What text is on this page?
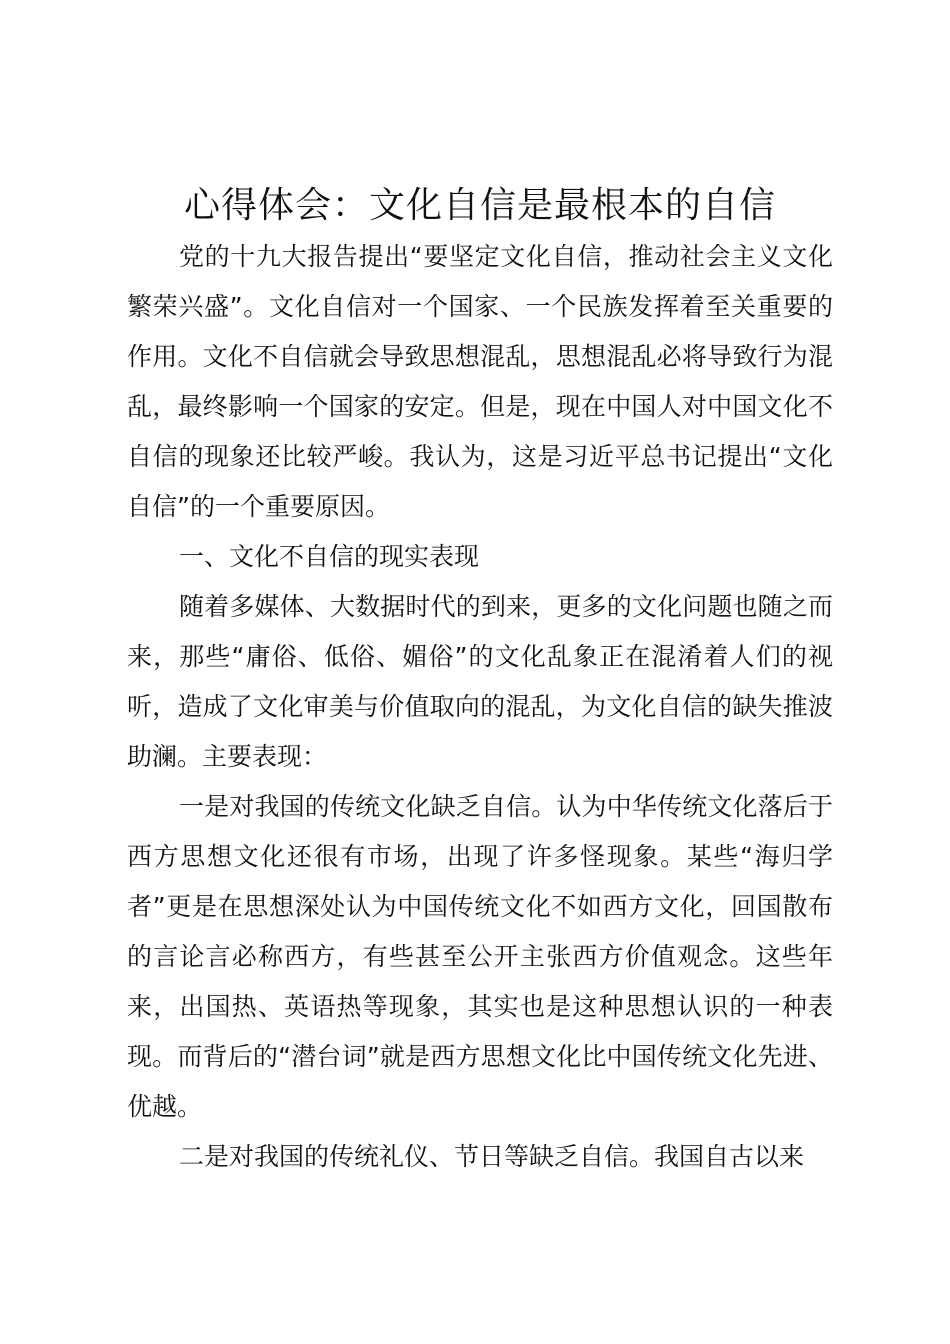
心得体会：文化自信是最根本的自信

党的十九大报告提出“要坚定文化自信，推动社会主义文化繁荣兴盛”。文化自信对一个国家、一个民族发挥着至关重要的作用。文化不自信就会导致思想混乱，思想混乱必将导致行为混乱，最终影响一个国家的安定。但是，现在中国人对中国文化不自信的现象还比较严峻。我认为，这是习近平总书记提出“文化自信”的一个重要原因。

一、文化不自信的现实表现

随着多媒体、大数据时代的到来，更多的文化问题也随之而来，那些“庸俗、低俗、媚俗”的文化乱象正在混淆着人们的视听，造成了文化审美与价值取向的混乱，为文化自信的缺失推波助澜。主要表现：

一是对我国的传统文化缺乏自信。认为中华传统文化落后于西方思想文化还很有市场，出现了许多怪现象。某些“海归学者”更是在思想深处认为中国传统文化不如西方文化，回国散布的言论言必称西方，有些甚至公开主张西方价值观念。这些年来，出国热、英语热等现象，其实也是这种思想认识的一种表现。而背后的“潜台词”就是西方思想文化比中国传统文化先进、优越。

二是对我国的传统礼仪、节日等缺乏自信。我国自古以来
